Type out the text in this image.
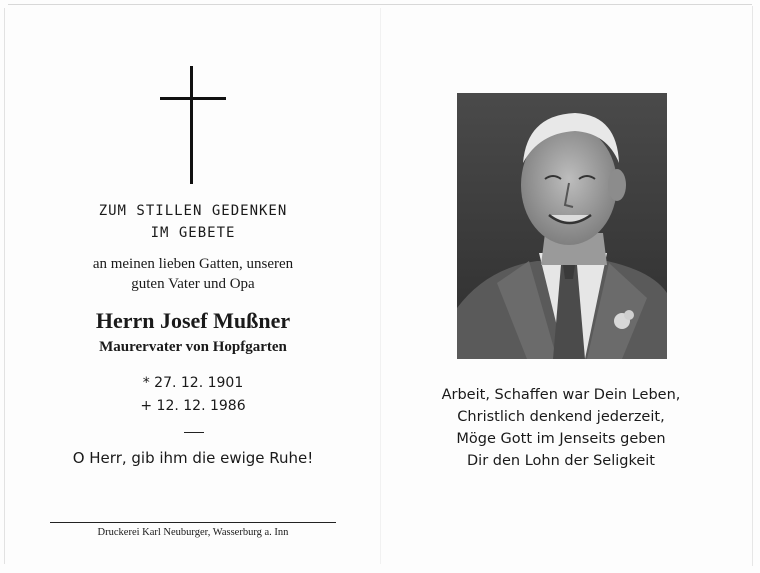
ZUM STILLEN GEDENKEN
IM GEBETE
an meinen lieben Gatten, unseren
guten Vater und Opa
Herrn Josef Mußner
Maurervater von Hopfgarten
* 27. 12. 1901
+ 12. 12. 1986
O Herr, gib ihm die ewige Ruhe!
Druckerei Karl Neuburger, Wasserburg a. Inn
Arbeit, Schaffen war Dein Leben,
Christlich denkend jederzeit,
Möge Gott im Jenseits geben
Dir den Lohn der Seligkeit
